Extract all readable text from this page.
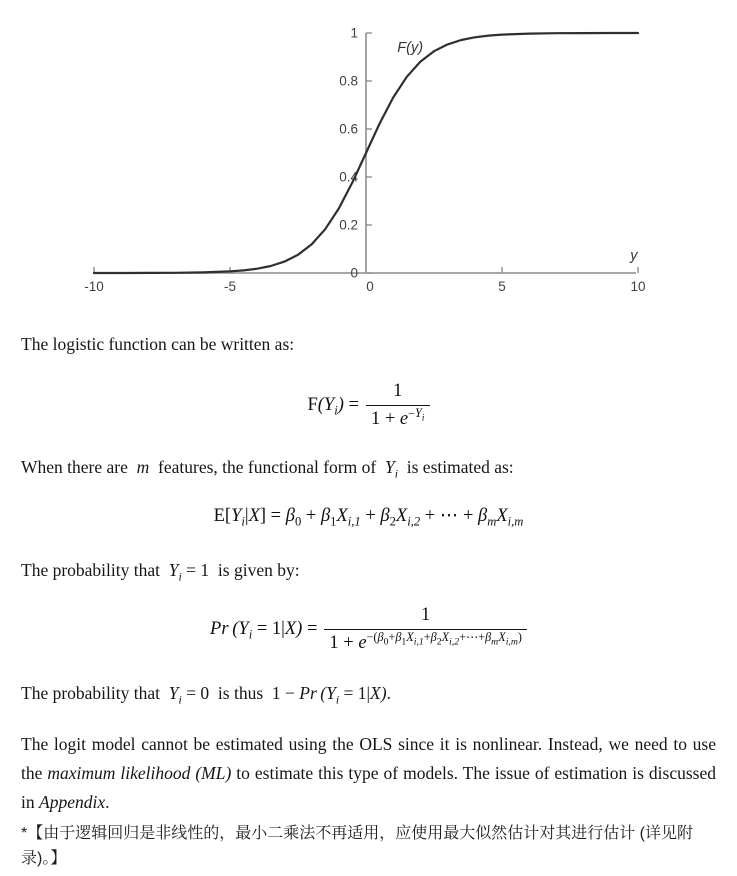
-10	-5	0	5	10
0
0.2
0.4
0.6
0.8
1
F(y)
y

The logistic function can be written as:

$F(Y_i) = \frac{1}{1 + e^{-Y_i}}$

When there are  m  features, the functional form of  $Y_i$  is estimated as:

$E[Y_i|X] = \beta_0 + \beta_1X_{i,1} + \beta_2X_{i,2}$ + ⋯ + $\beta_mX_{i,m}$

The probability that  $Y_i = 1$  is given by:

Pr $(Y_i = 1|X) = \frac{1}{1 + e^{-(\beta_0+\beta_1X_{i,1}+\beta_2X_{i,2}+\cdots+\beta_mX_{i,m})}}$

The probability that  $Y_i = 0$  is thus  1 − Pr $(Y_i = 1|X)$.

The logit model cannot be estimated using the OLS since it is nonlinear. Instead, we need to use the maximum likelihood (ML) to estimate this type of models. The issue of estimation is discussed in Appendix.

*【由于逻辑回归是非线性的，最小二乘法不再适用，应使用最大似然估计对其进行估计 (详见附录)。】
